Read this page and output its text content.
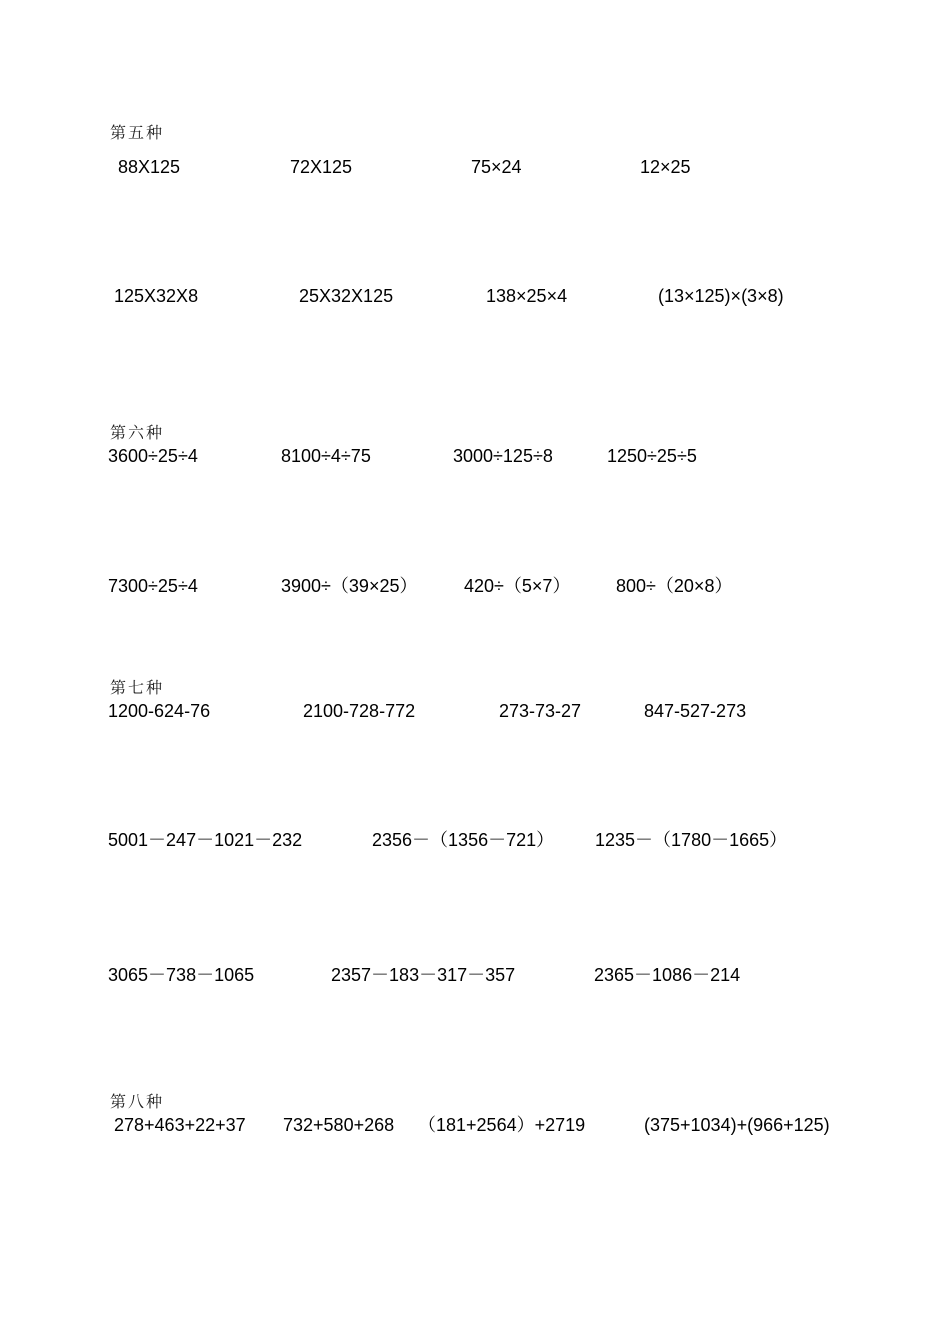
第五种
88X125	72X125	75×24	12×25
125X32X8	25X32X125	138×25×4	(13×125)×(3×8)
第六种
3600÷25÷4	8100÷4÷75	3000÷125÷8	1250÷25÷5
7300÷25÷4	3900÷（39×25）	420÷（5×7）	800÷（20×8）
第七种
1200-624-76	2100-728-772	273-73-27	847-527-273
5001－247－1021－232	2356－（1356－721） 1235－（1780－1665）
3065－738－1065	2357－183－317－357	2365－1086－214
第八种
278+463+22+37 732+580+268 （181+2564）+2719	(375+1034)+(966+125)
